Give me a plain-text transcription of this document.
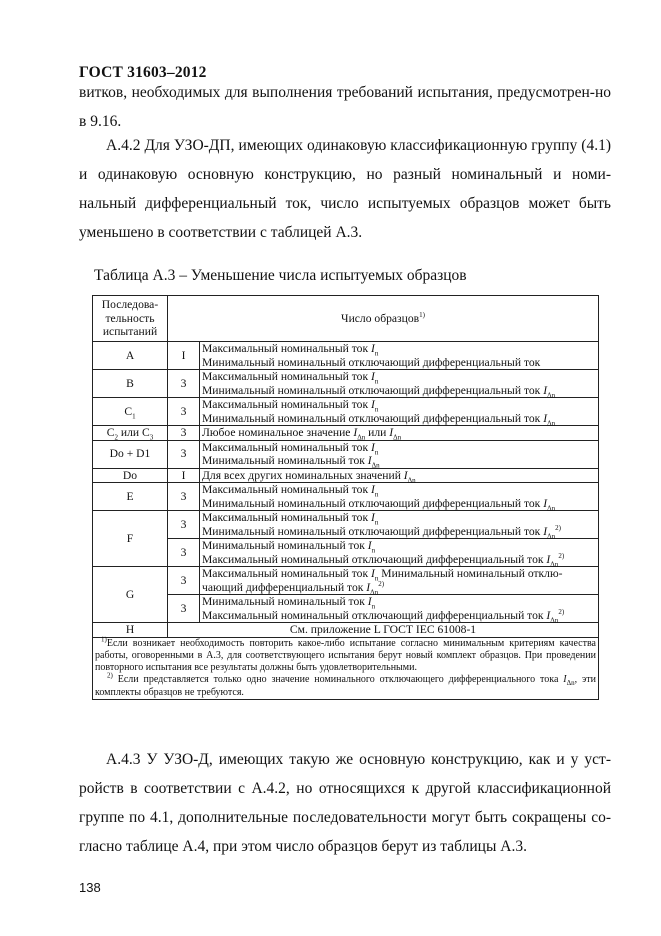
ГОСТ 31603–2012

витков, необходимых для выполнения требований испытания, предусмотрен-но в 9.16.

А.4.2 Для УЗО-ДП, имеющих одинаковую классификационную группу (4.1) и одинаковую основную конструкцию, но разный номинальный и номи-нальный дифференциальный ток, число испытуемых образцов может быть уменьшено в соответствии с таблицей А.3.

Таблица А.3 – Уменьшение числа испытуемых образцов
Последова-тельность испытаний	Число образцов$^{1)}$
A	I	Максимальный номинальный ток $I_n$
Минимальный номинальный отключающий дифференциальный ток

B	3	Максимальный номинальный ток $I_n$
Минимальный номинальный отключающий дифференциальный ток $I_{\Delta n}$

$C_1$	3	Максимальный номинальный ток $I_n$
Минимальный номинальный отключающий дифференциальный ток $I_{\Delta n}$

$C_2$ или $C_3$	3	Любое номинальное значение $I_{\Delta n}$ или $I_{\Delta n}$

Do + D1	3	Максимальный номинальный ток $I_n$
Минимальный номинальный ток $I_{\Delta n}$

Do	I	Для всех других номинальных значений $I_{\Delta n}$

E	3	Максимальный номинальный ток $I_n$
Минимальный номинальный отключающий дифференциальный ток $I_{\Delta n}$

F	3	Максимальный номинальный ток $I_n$
Минимальный номинальный отключающий дифференциальный ток $I_{\Delta n}^{2)}$

	3	Минимальный номинальный ток $I_n$
Максимальный номинальный отключающий дифференциальный ток $I_{\Delta n}^{2)}$

G	3	Максимальный номинальный ток $I_n$ Минимальный номинальный отклю-
чающий дифференциальный ток $I_{\Delta n}^{2)}$

	3	Минимальный номинальный ток $I_n$
Максимальный номинальный отключающий дифференциальный ток $I_{\Delta n}^{2)}$

H	См. приложение L ГОСТ IEC 61008-1	

$^{1)}$Если возникает необходимость повторить какое-либо испытание согласно минимальным критериям качества работы, оговоренными в А.3, для соответствующего испытания берут новый комплект образцов. При проведении повторного испытания все результаты должны быть удовлетворительными.
$^{2)}$ Если представляется только одно значение номинального отключающего дифференциального тока $I_{\Delta n}$, эти комплекты образцов не требуются.		

А.4.3 У УЗО-Д, имеющих такую же основную конструкцию, как и у уст-ройств в соответствии с А.4.2, но относящихся к другой классификационной группе по 4.1, дополнительные последовательности могут быть сокращены со-гласно таблице А.4, при этом число образцов берут из таблицы А.3.

138
